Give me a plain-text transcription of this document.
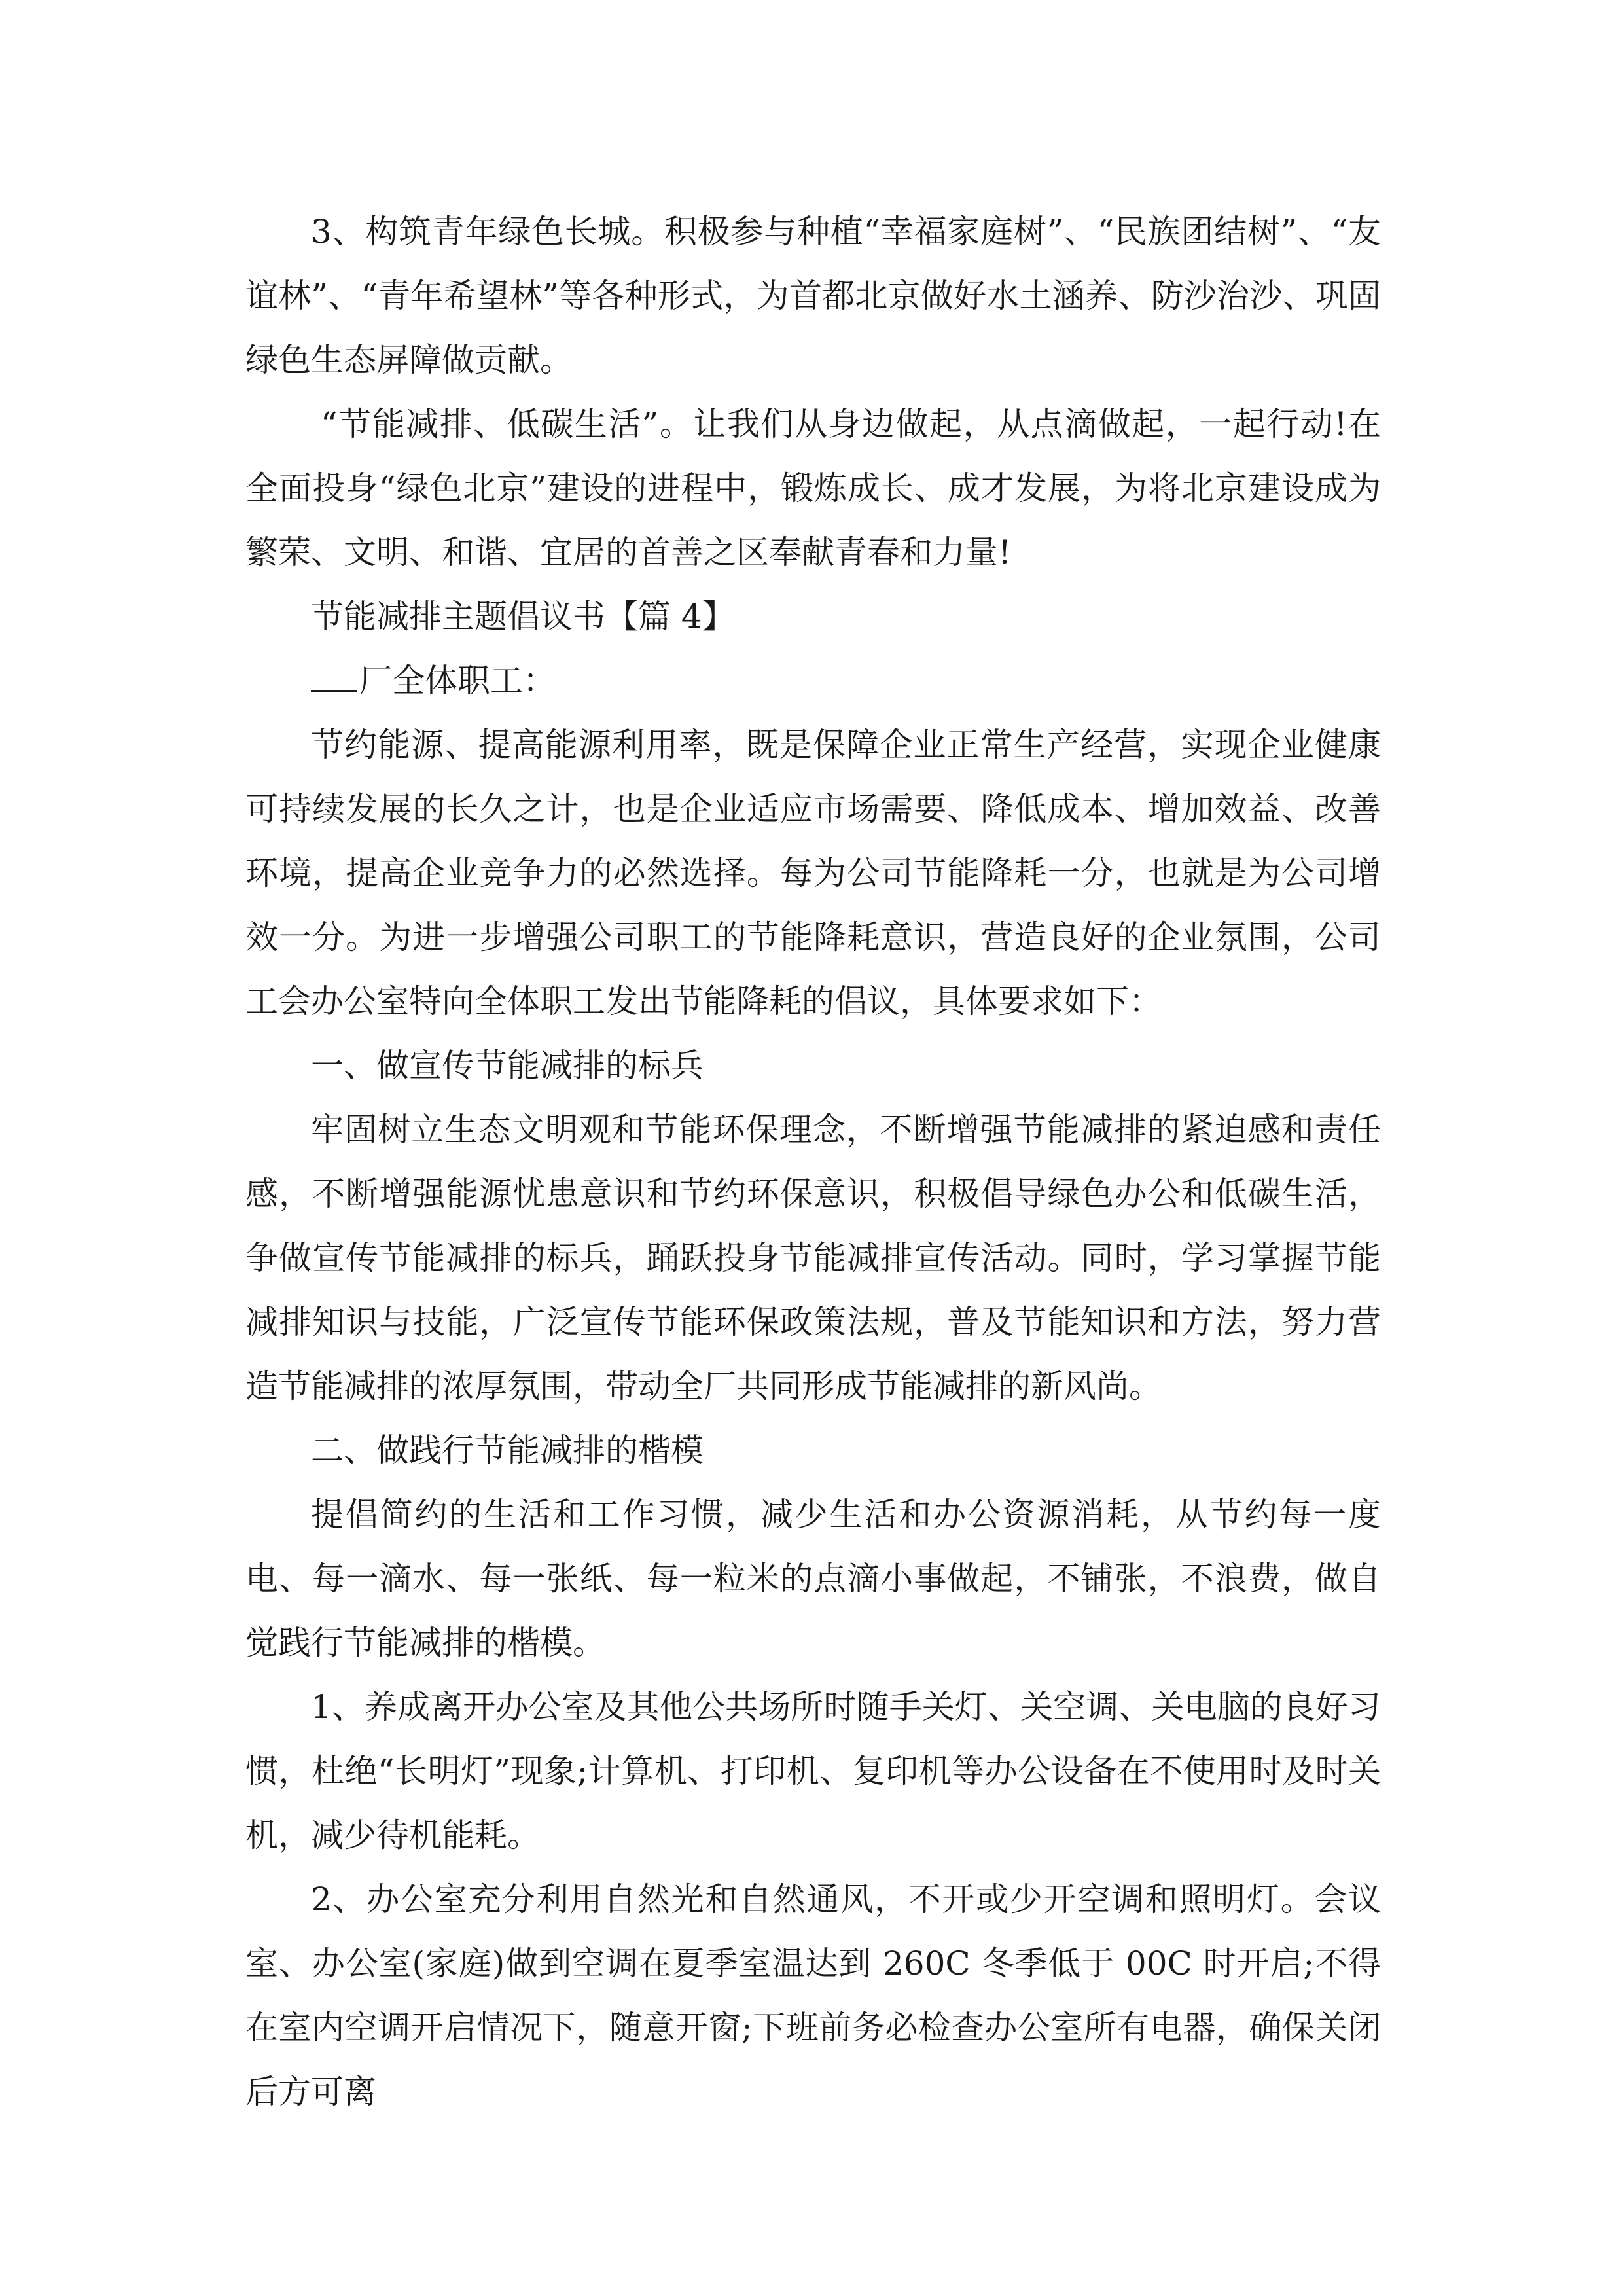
3、构筑青年绿色长城。积极参与种植“幸福家庭树”、“民族团结树”、“友谊林”、“青年希望林”等各种形式，为首都北京做好水土涵养、防沙治沙、巩固绿色生态屏障做贡献。

“节能减排、低碳生活”。让我们从身边做起，从点滴做起，一起行动!在全面投身“绿色北京”建设的进程中，锻炼成长、成才发展，为将北京建设成为繁荣、文明、和谐、宜居的首善之区奉献青春和力量!

节能减排主题倡议书【篇 4】

厂全体职工：

节约能源、提高能源利用率，既是保障企业正常生产经营，实现企业健康可持续发展的长久之计，也是企业适应市场需要、降低成本、增加效益、改善环境，提高企业竞争力的必然选择。每为公司节能降耗一分，也就是为公司增效一分。为进一步增强公司职工的节能降耗意识，营造良好的企业氛围，公司工会办公室特向全体职工发出节能降耗的倡议，具体要求如下：

一、做宣传节能减排的标兵

牢固树立生态文明观和节能环保理念，不断增强节能减排的紧迫感和责任感，不断增强能源忧患意识和节约环保意识，积极倡导绿色办公和低碳生活，争做宣传节能减排的标兵，踊跃投身节能减排宣传活动。同时，学习掌握节能减排知识与技能，广泛宣传节能环保政策法规，普及节能知识和方法，努力营造节能减排的浓厚氛围，带动全厂共同形成节能减排的新风尚。

二、做践行节能减排的楷模

提倡简约的生活和工作习惯，减少生活和办公资源消耗，从节约每一度电、每一滴水、每一张纸、每一粒米的点滴小事做起，不铺张，不浪费，做自觉践行节能减排的楷模。

1、养成离开办公室及其他公共场所时随手关灯、关空调、关电脑的良好习惯，杜绝“长明灯”现象;计算机、打印机、复印机等办公设备在不使用时及时关机，减少待机能耗。

2、办公室充分利用自然光和自然通风，不开或少开空调和照明灯。会议室、办公室(家庭)做到空调在夏季室温达到 260C 冬季低于 00C 时开启;不得在室内空调开启情况下，随意开窗;下班前务必检查办公室所有电器，确保关闭后方可离
